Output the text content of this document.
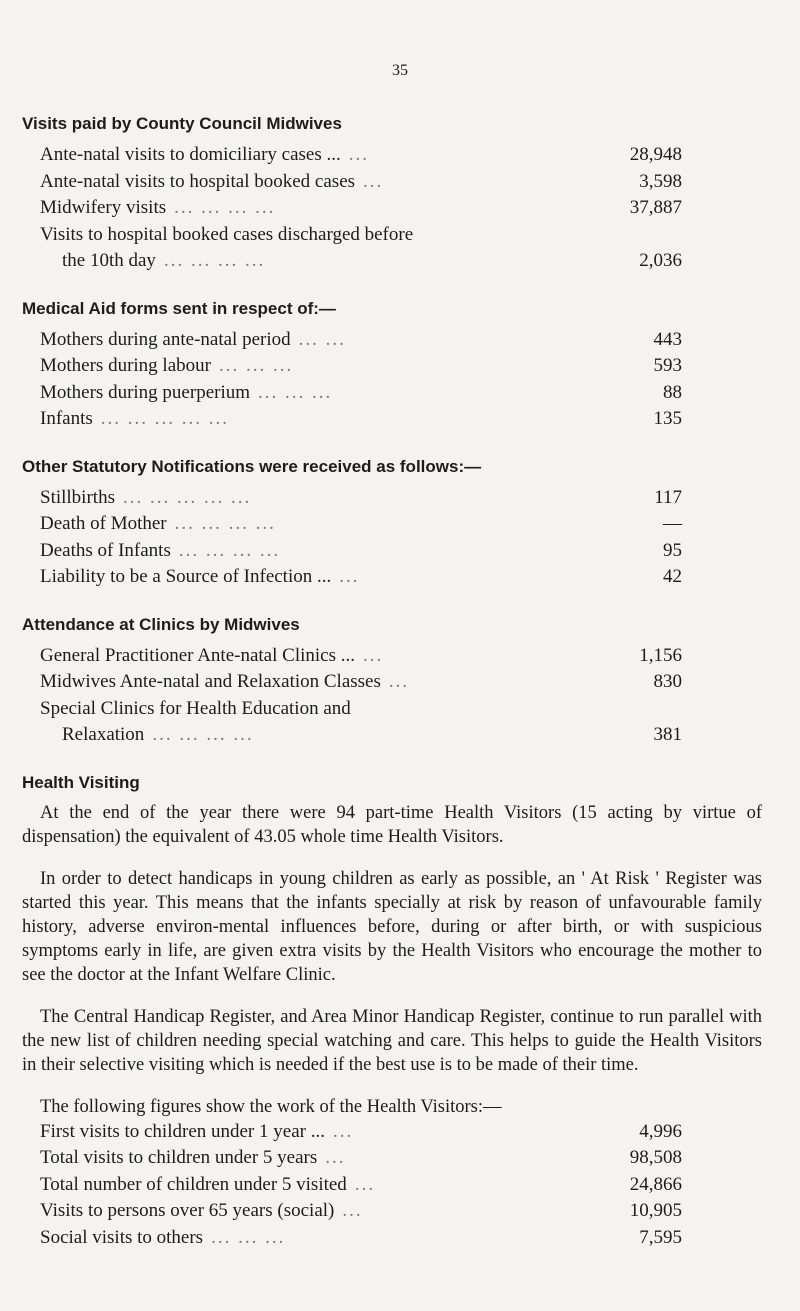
35
Visits paid by County Council Midwives
Ante-natal visits to domiciliary cases ... ...	28,948
Ante-natal visits to hospital booked cases ...	3,598
Midwifery visits ... ... ... ...	37,887
Visits to hospital booked cases discharged before
the 10th day ... ... ... ...	2,036
Medical Aid forms sent in respect of:—
Mothers during ante-natal period ... ...	443
Mothers during labour ... ... ...	593
Mothers during puerperium ... ... ...	88
Infants ... ... ... ... ...	135
Other Statutory Notifications were received as follows:—
Stillbirths ... ... ... ... ...	117
Death of Mother ... ... ... ...	—
Deaths of Infants ... ... ... ...	95
Liability to be a Source of Infection ... ...	42
Attendance at Clinics by Midwives
General Practitioner Ante-natal Clinics ... ...	1,156
Midwives Ante-natal and Relaxation Classes ...	830
Special Clinics for Health Education and
Relaxation ... ... ... ...	381
Health Visiting

At the end of the year there were 94 part-time Health Visitors (15 acting by virtue of dispensation) the equivalent of 43.05 whole time Health Visitors.

In order to detect handicaps in young children as early as possible, an ' At Risk ' Register was started this year. This means that the infants specially at risk by reason of unfavourable family history, adverse environ-mental influences before, during or after birth, or with suspicious symptoms early in life, are given extra visits by the Health Visitors who encourage the mother to see the doctor at the Infant Welfare Clinic.

The Central Handicap Register, and Area Minor Handicap Register, continue to run parallel with the new list of children needing special watching and care. This helps to guide the Health Visitors in their selective visiting which is needed if the best use is to be made of their time.

The following figures show the work of the Health Visitors:—
First visits to children under 1 year ... ...	4,996
Total visits to children under 5 years ...	98,508
Total number of children under 5 visited ...	24,866
Visits to persons over 65 years (social) ...	10,905
Social visits to others ... ... ...	7,595
